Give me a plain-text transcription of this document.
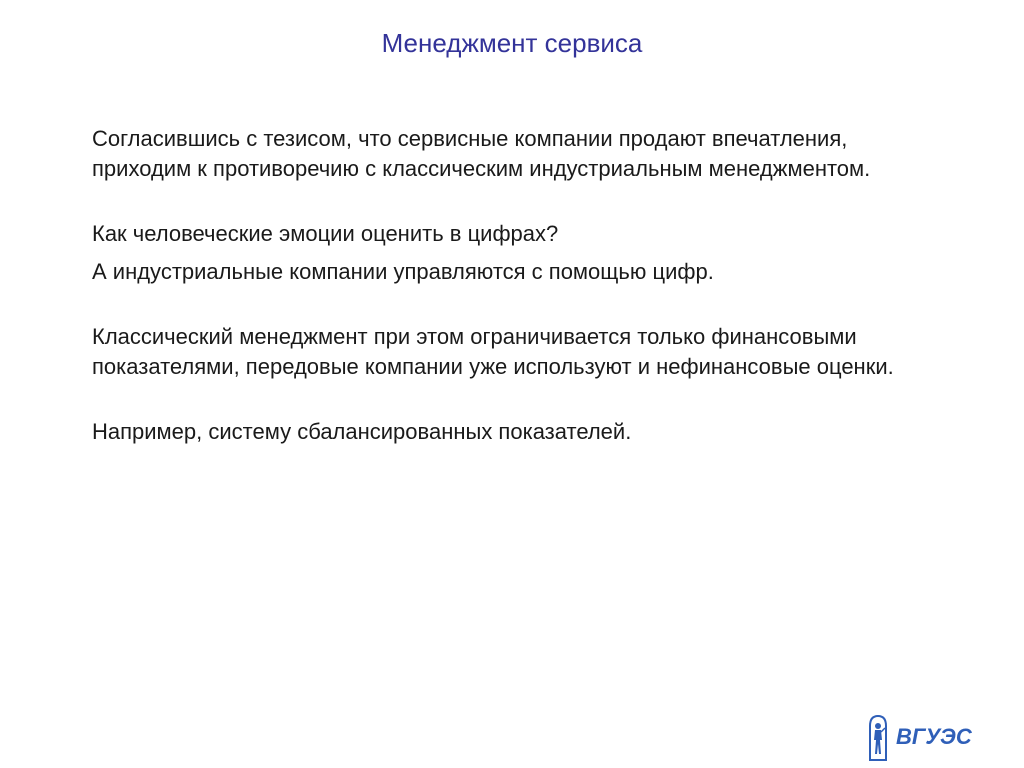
Менеджмент сервиса

Согласившись с тезисом, что сервисные компании продают впечатления, приходим к противоречию с классическим индустриальным менеджментом.

Как человеческие эмоции оценить в цифрах?

А индустриальные компании управляются с помощью цифр.

Классический менеджмент при этом ограничивается только финансовыми показателями, передовые компании уже используют и нефинансовые оценки.

Например, систему сбалансированных показателей.

ВГУЭС
